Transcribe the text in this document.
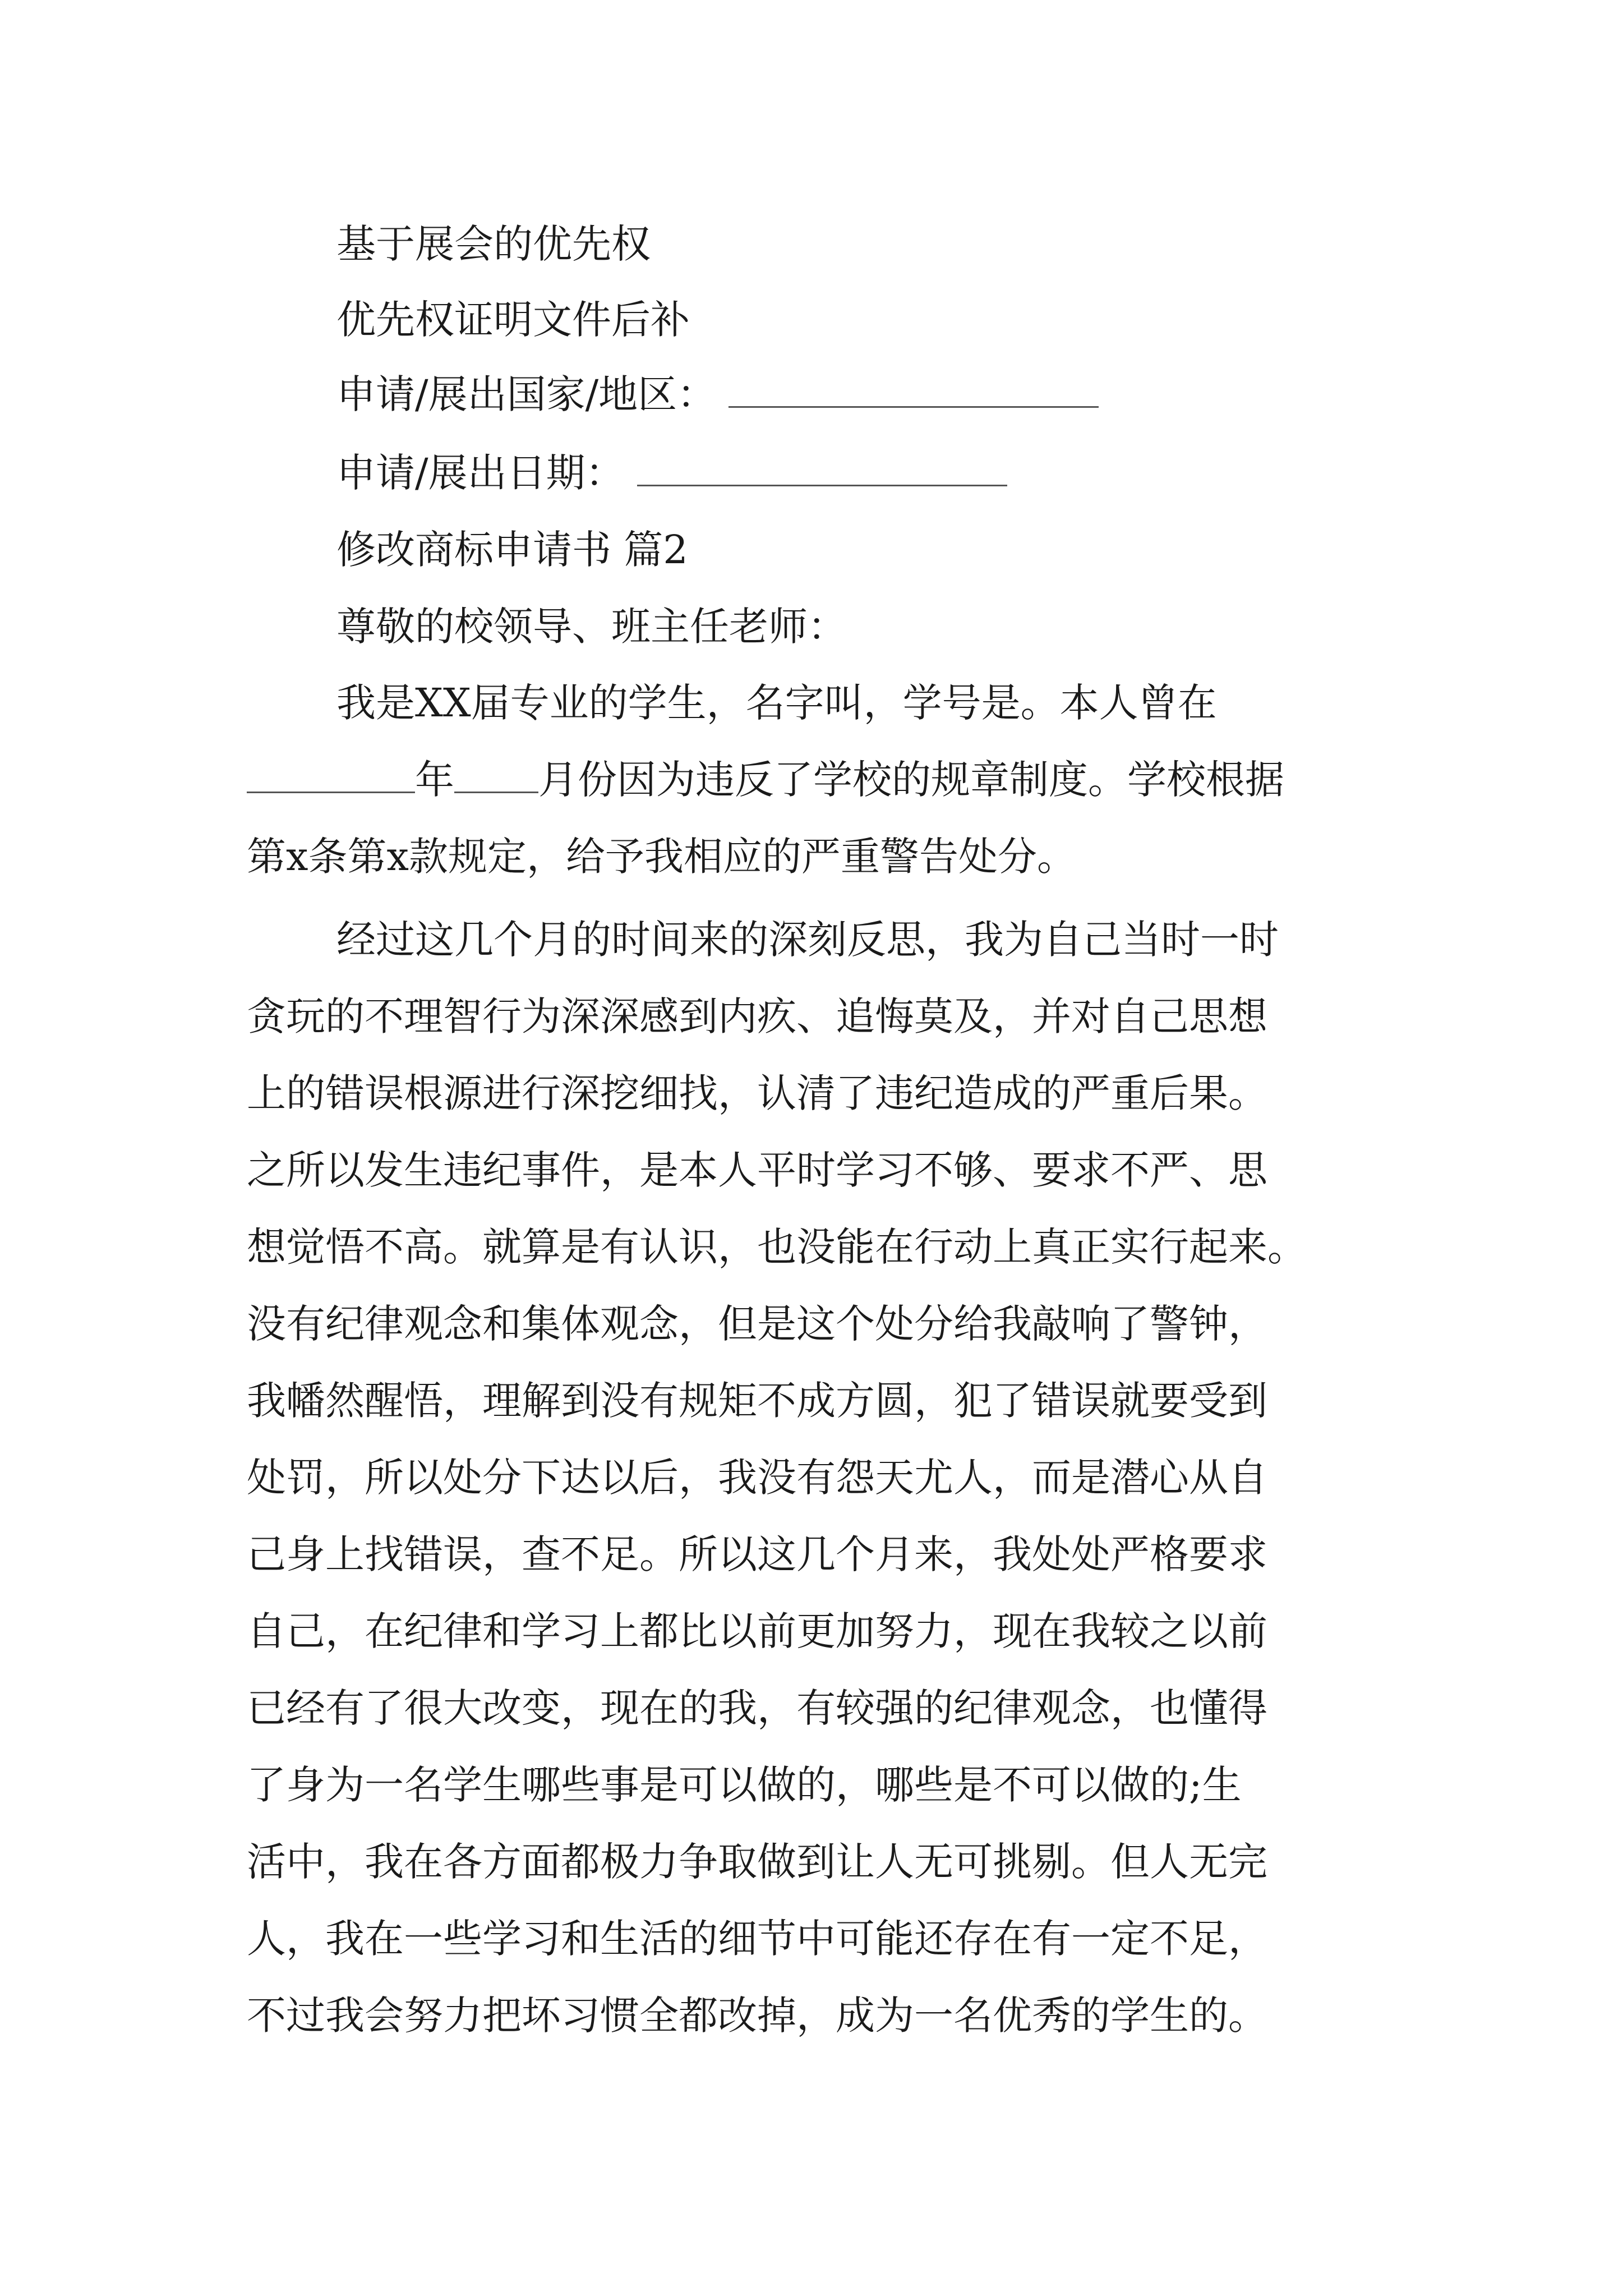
基于展会的优先权
优先权证明文件后补
申请/展出国家/地区：
申请/展出日期：
修改商标申请书 篇2
尊敬的校领导、班主任老师：
我是XX届专业的学生，名字叫，学号是。本人曾在
年 月份因为违反了学校的规章制度。学校根据
第x条第x款规定，给予我相应的严重警告处分。
经过这几个月的时间来的深刻反思，我为自己当时一时
贪玩的不理智行为深深感到内疚、追悔莫及，并对自己思想
上的错误根源进行深挖细找，认清了违纪造成的严重后果。
之所以发生违纪事件，是本人平时学习不够、要求不严、思
想觉悟不高。就算是有认识，也没能在行动上真正实行起来。
没有纪律观念和集体观念，但是这个处分给我敲响了警钟，
我幡然醒悟，理解到没有规矩不成方圆，犯了错误就要受到
处罚，所以处分下达以后，我没有怨天尤人，而是潜心从自
己身上找错误，查不足。所以这几个月来，我处处严格要求
自己，在纪律和学习上都比以前更加努力，现在我较之以前
已经有了很大改变，现在的我，有较强的纪律观念，也懂得
了身为一名学生哪些事是可以做的，哪些是不可以做的;生
活中，我在各方面都极力争取做到让人无可挑剔。但人无完
人，我在一些学习和生活的细节中可能还存在有一定不足，
不过我会努力把坏习惯全都改掉，成为一名优秀的学生的。
